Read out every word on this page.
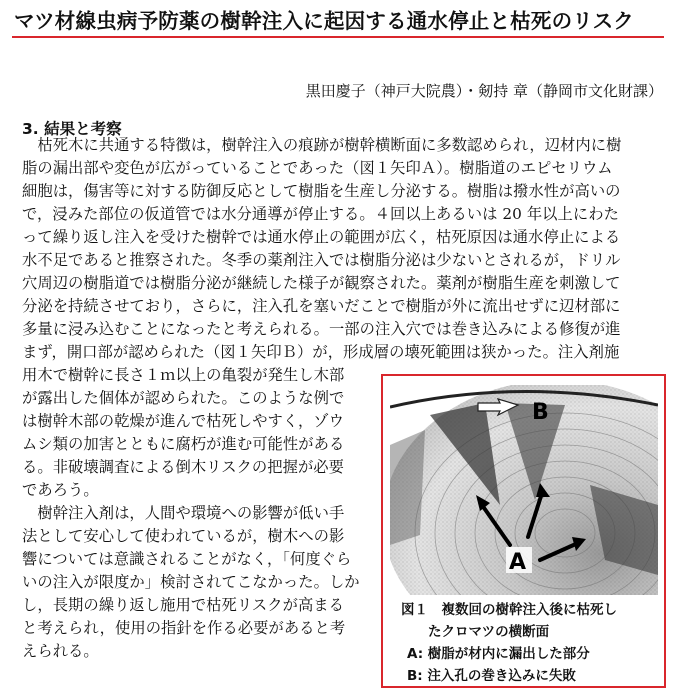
マツ材線虫病予防薬の樹幹注入に起因する通水停止と枯死のリスク
黒田慶子（神戸大院農）・剱持 章（静岡市文化財課）
3. 結果と考察
　枯死木に共通する特徴は，樹幹注入の痕跡が樹幹横断面に多数認められ，辺材内に樹
脂の漏出部や変色が広がっていることであった（図１矢印Ａ）。樹脂道のエピセリウム
細胞は，傷害等に対する防御反応として樹脂を生産し分泌する。樹脂は撥水性が高いの
で，浸みた部位の仮道管では水分通導が停止する。４回以上あるいは 20 年以上にわた
って繰り返し注入を受けた樹幹では通水停止の範囲が広く，枯死原因は通水停止による
水不足であると推察された。冬季の薬剤注入では樹脂分泌は少ないとされるが，ドリル
穴周辺の樹脂道では樹脂分泌が継続した様子が観察された。薬剤が樹脂生産を刺激して
分泌を持続させており，さらに，注入孔を塞いだことで樹脂が外に流出せずに辺材部に
多量に浸み込むことになったと考えられる。一部の注入穴では巻き込みによる修復が進
まず，開口部が認められた（図１矢印Ｂ）が，形成層の壊死範囲は狭かった。注入剤施
用木で樹幹に長さ１ｍ以上の亀裂が発生し木部
が露出した個体が認められた。このような例で
は樹幹木部の乾燥が進んで枯死しやすく，ゾウ
ムシ類の加害とともに腐朽が進む可能性がある
る。非破壊調査による倒木リスクの把握が必要
であろう。
　樹幹注入剤は，人間や環境への影響が低い手
法として安心して使われているが，樹木への影
響については意識されることがなく，「何度ぐら
いの注入が限度か」検討されてこなかった。しか
し，長期の繰り返し施用で枯死リスクが高まる
と考えられ，使用の指針を作る必要があると考
えられる。
B
A
図１　複数回の樹幹注入後に枯死し
　　たクロマツの横断面
A: 樹脂が材内に漏出した部分
B: 注入孔の巻き込みに失敗
